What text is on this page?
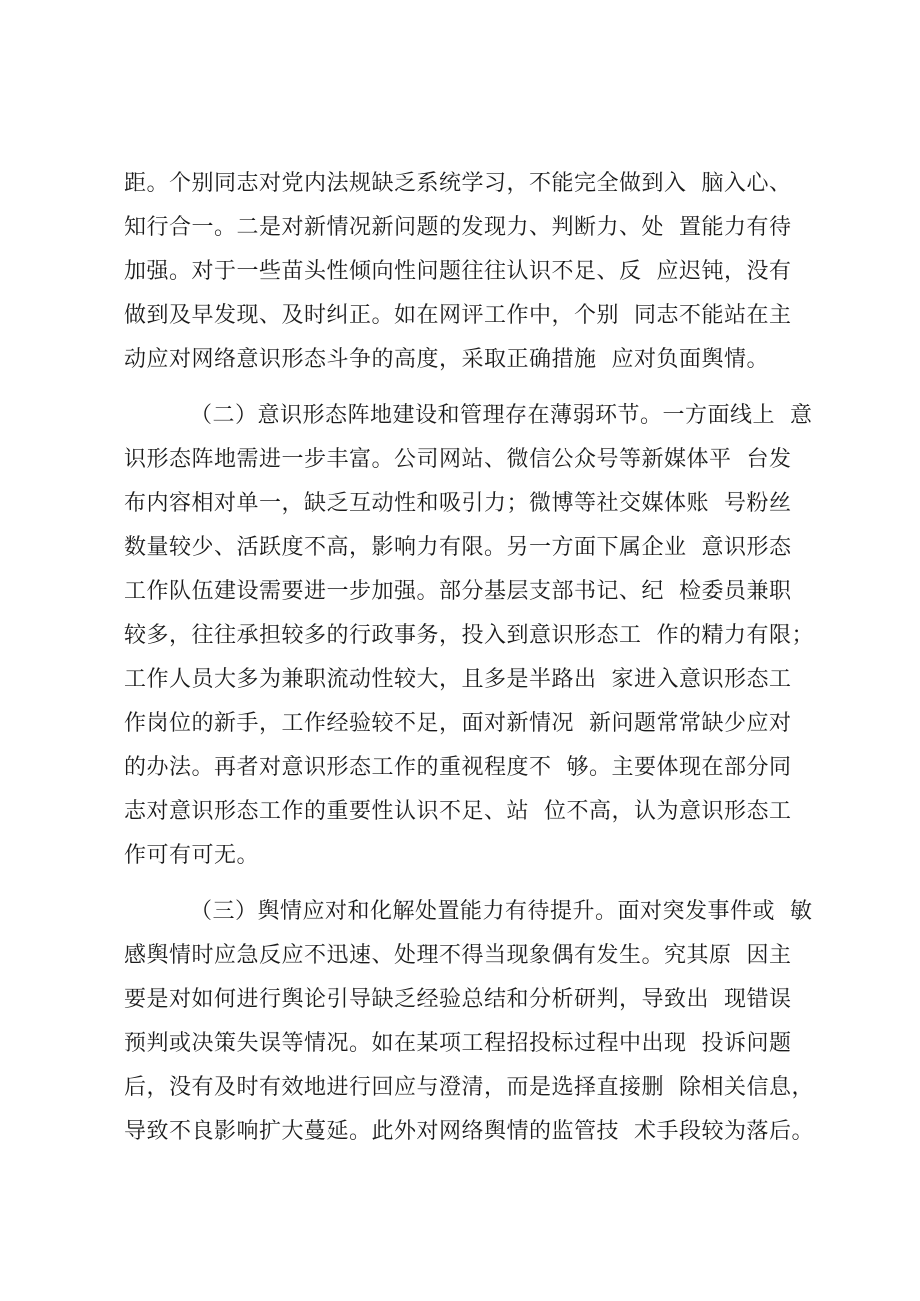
距。个别同志对党内法规缺乏系统学习，不能完全做到入  脑入心、
知行合一。二是对新情况新问题的发现力、判断力、处  置能力有待
加强。对于一些苗头性倾向性问题往往认识不足、反  应迟钝，没有
做到及早发现、及时纠正。如在网评工作中，个别  同志不能站在主
动应对网络意识形态斗争的高度，采取正确措施  应对负面舆情。
（二）意识形态阵地建设和管理存在薄弱环节。一方面线上  意
识形态阵地需进一步丰富。公司网站、微信公众号等新媒体平  台发
布内容相对单一，缺乏互动性和吸引力；微博等社交媒体账  号粉丝
数量较少、活跃度不高，影响力有限。另一方面下属企业  意识形态
工作队伍建设需要进一步加强。部分基层支部书记、纪  检委员兼职
较多，往往承担较多的行政事务，投入到意识形态工  作的精力有限；
工作人员大多为兼职流动性较大，且多是半路出  家进入意识形态工
作岗位的新手，工作经验较不足，面对新情况  新问题常常缺少应对
的办法。再者对意识形态工作的重视程度不  够。主要体现在部分同
志对意识形态工作的重要性认识不足、站  位不高，认为意识形态工
作可有可无。
（三）舆情应对和化解处置能力有待提升。面对突发事件或  敏
感舆情时应急反应不迅速、处理不得当现象偶有发生。究其原  因主
要是对如何进行舆论引导缺乏经验总结和分析研判，导致出  现错误
预判或决策失误等情况。如在某项工程招投标过程中出现  投诉问题
后，没有及时有效地进行回应与澄清，而是选择直接删  除相关信息，
导致不良影响扩大蔓延。此外对网络舆情的监管技  术手段较为落后。
